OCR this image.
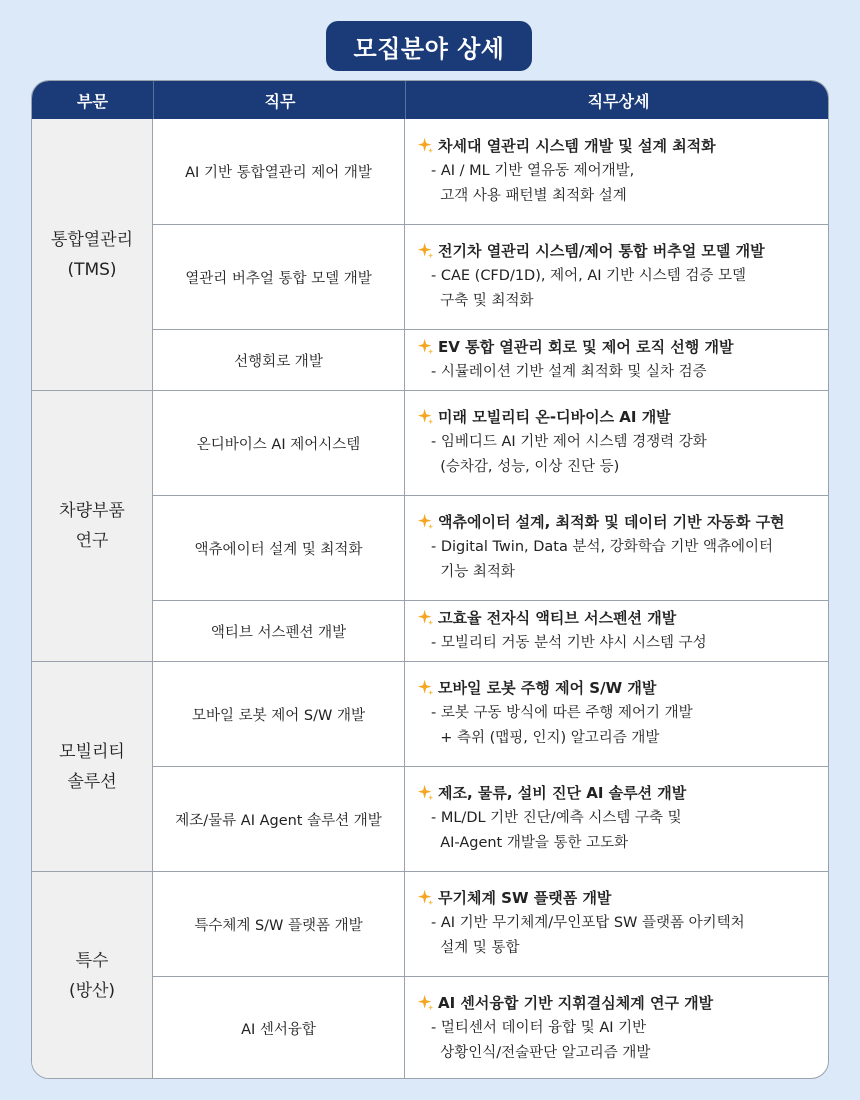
모집분야 상세
부문	직무	직무상세
통합열관리
(TMS)
차량부품
연구
모빌리티
솔루션
특수
(방산)
AI 기반 통합열관리 제어 개발
차세대 열관리 시스템 개발 및 설계 최적화
- AI / ML 기반 열유동 제어개발,
고객 사용 패턴별 최적화 설계
열관리 버추얼 통합 모델 개발
전기차 열관리 시스템/제어 통합 버추얼 모델 개발
- CAE (CFD/1D), 제어, AI 기반 시스템 검증 모델
구축 및 최적화
선행회로 개발
EV 통합 열관리 회로 및 제어 로직 선행 개발
- 시뮬레이션 기반 설계 최적화 및 실차 검증
온디바이스 AI 제어시스템
미래 모빌리티 온-디바이스 AI 개발
- 임베디드 AI 기반 제어 시스템 경쟁력 강화
(승차감, 성능, 이상 진단 등)
액츄에이터 설계 및 최적화
액츄에이터 설계, 최적화 및 데이터 기반 자동화 구현
- Digital Twin, Data 분석, 강화학습 기반 액츄에이터
기능 최적화
액티브 서스펜션 개발
고효율 전자식 액티브 서스펜션 개발
- 모빌리티 거동 분석 기반 샤시 시스템 구성
모바일 로봇 제어 S/W 개발
모바일 로봇 주행 제어 S/W 개발
- 로봇 구동 방식에 따른 주행 제어기 개발
+ 측위 (맵핑, 인지) 알고리즘 개발
제조/물류 AI Agent 솔루션 개발
제조, 물류, 설비 진단 AI 솔루션 개발
- ML/DL 기반 진단/예측 시스템 구축 및
AI-Agent 개발을 통한 고도화
특수체계 S/W 플랫폼 개발
무기체계 SW 플랫폼 개발
- AI 기반 무기체계/무인포탑 SW 플랫폼 아키텍처
설계 및 통합
AI 센서융합
AI 센서융합 기반 지휘결심체계 연구 개발
- 멀티센서 데이터 융합 및 AI 기반
상황인식/전술판단 알고리즘 개발
